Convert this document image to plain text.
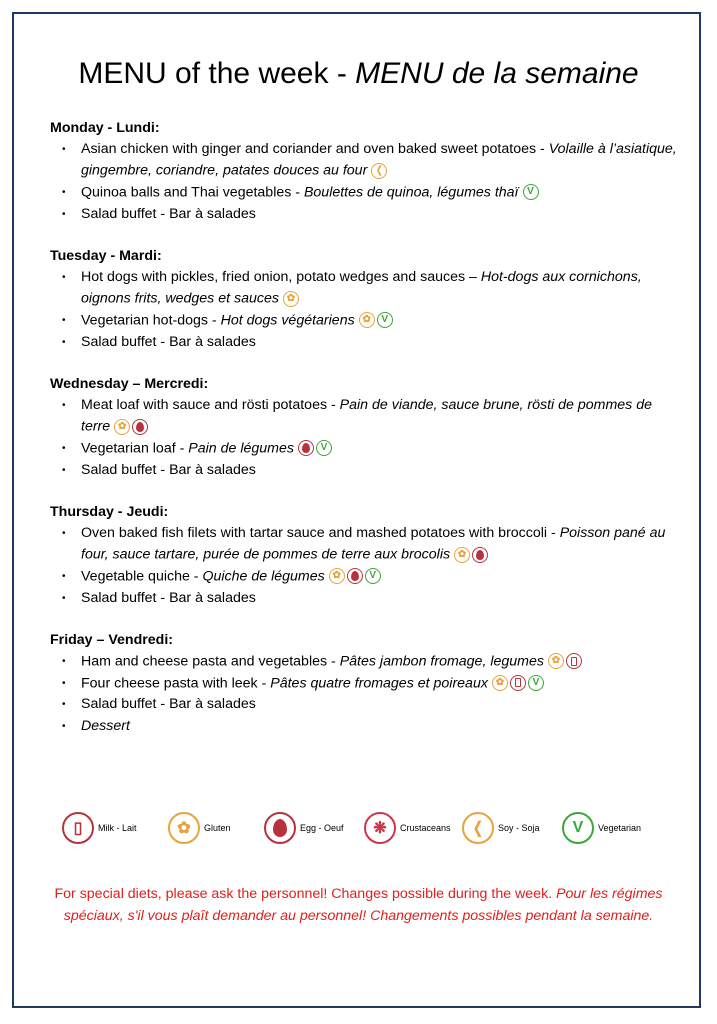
MENU of the week - MENU de la semaine
Monday - Lundi:
• Asian chicken with ginger and coriander and oven baked sweet potatoes - Volaille à l’asiatique, gingembre, coriandre, patates douces au four ❬
• Quinoa balls and Thai vegetables - Boulettes de quinoa, légumes thaï V
• Salad buffet - Bar à salades
Tuesday - Mardi:
• Hot dogs with pickles, fried onion, potato wedges and sauces – Hot-dogs aux cornichons, oignons frits, wedges et sauces ✿
• Vegetarian hot-dogs - Hot dogs végétariens ✿ V
• Salad buffet - Bar à salades
Wednesday – Mercredi:
• Meat loaf with sauce and rösti potatoes - Pain de viande, sauce brune, rösti de pommes de terre ✿
• Vegetarian loaf - Pain de légumes	V
• Salad buffet - Bar à salades
Thursday - Jeudi:
• Oven baked fish filets with tartar sauce and mashed potatoes with broccoli - Poisson pané au four, sauce tartare, purée de pommes de terre aux brocolis ✿
• Vegetable quiche - Quiche de légumes ✿	V
• Salad buffet - Bar à salades
Friday – Vendredi:
• Ham and cheese pasta and vegetables - Pâtes jambon fromage, legumes ✿
• Four cheese pasta with leek - Pâtes quatre fromages et poireaux ✿	V
• Salad buffet - Bar à salades
• Dessert
▯	Milk - Lait	✿	Gluten	Egg - Oeuf	❋	Crustaceans	❬	Soy - Soja	V	Vegetarian
For special diets, please ask the personnel! Changes possible during the week. Pour les régimes spéciaux, s'il vous plaît demander au personnel! Changements possibles pendant la semaine.
